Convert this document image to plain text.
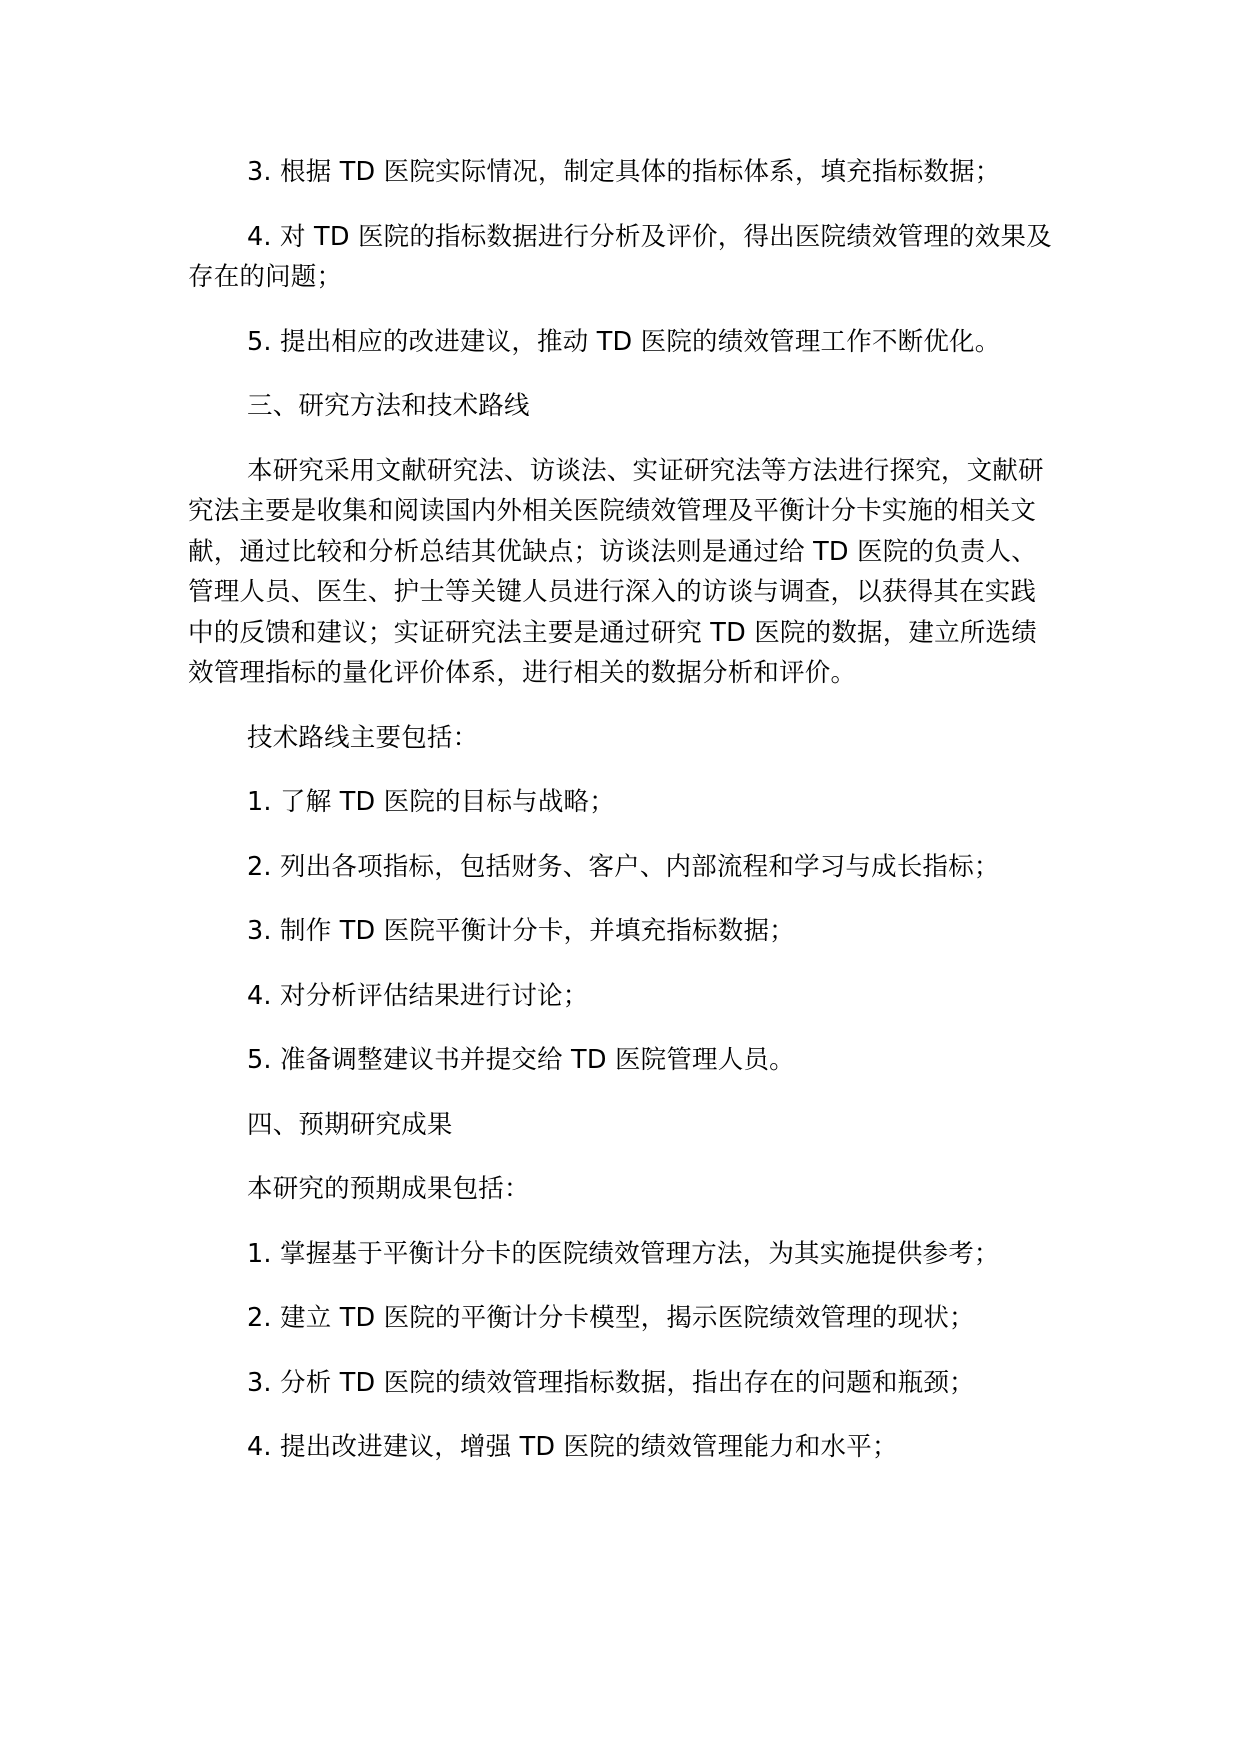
3. 根据 TD 医院实际情况，制定具体的指标体系，填充指标数据；

4. 对 TD 医院的指标数据进行分析及评价，得出医院绩效管理的效果及存在的问题；

5. 提出相应的改进建议，推动 TD 医院的绩效管理工作不断优化。

三、研究方法和技术路线

本研究采用文献研究法、访谈法、实证研究法等方法进行探究，文献研究法主要是收集和阅读国内外相关医院绩效管理及平衡计分卡实施的相关文献，通过比较和分析总结其优缺点；访谈法则是通过给 TD 医院的负责人、管理人员、医生、护士等关键人员进行深入的访谈与调查，以获得其在实践中的反馈和建议；实证研究法主要是通过研究 TD 医院的数据，建立所选绩效管理指标的量化评价体系，进行相关的数据分析和评价。

技术路线主要包括：

1. 了解 TD 医院的目标与战略；

2. 列出各项指标，包括财务、客户、内部流程和学习与成长指标；

3. 制作 TD 医院平衡计分卡，并填充指标数据；

4. 对分析评估结果进行讨论；

5. 准备调整建议书并提交给 TD 医院管理人员。

四、预期研究成果

本研究的预期成果包括：

1. 掌握基于平衡计分卡的医院绩效管理方法，为其实施提供参考；

2. 建立 TD 医院的平衡计分卡模型，揭示医院绩效管理的现状；

3. 分析 TD 医院的绩效管理指标数据，指出存在的问题和瓶颈；

4. 提出改进建议，增强 TD 医院的绩效管理能力和水平；
